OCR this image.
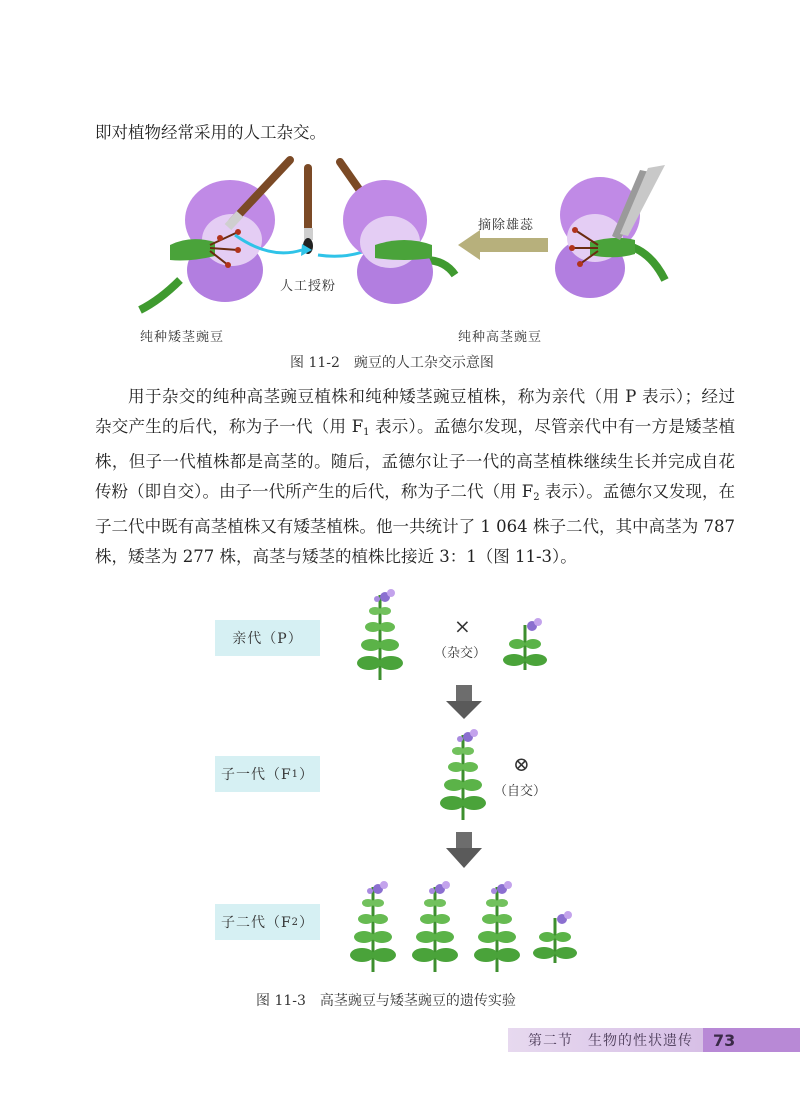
即对植物经常采用的人工杂交。
摘除雄蕊
人工授粉
纯种矮茎豌豆	纯种高茎豌豆
图 11-2　豌豆的人工杂交示意图
用于杂交的纯种高茎豌豆植株和纯种矮茎豌豆植株，称为亲代（用 P 表示）；经过杂交产生的后代，称为子一代（用 $F_1$ 表示）。孟德尔发现，尽管亲代中有一方是矮茎植株，但子一代植株都是高茎的。随后，孟德尔让子一代的高茎植株继续生长并完成自花传粉（即自交）。由子一代所产生的后代，称为子二代（用 $F_2$ 表示）。孟德尔又发现，在子二代中既有高茎植株又有矮茎植株。他一共统计了 1 064 株子二代，其中高茎为 787 株，矮茎为 277 株，高茎与矮茎的植株比接近 3：1（图 11-3）。
亲代（P）
子一代（F 1 ）
子二代（F 2 ）
×
（杂交）
⊗
（自交）
图 11-3　高茎豌豆与矮茎豌豆的遗传实验
第二节　生物的性状遗传	73
